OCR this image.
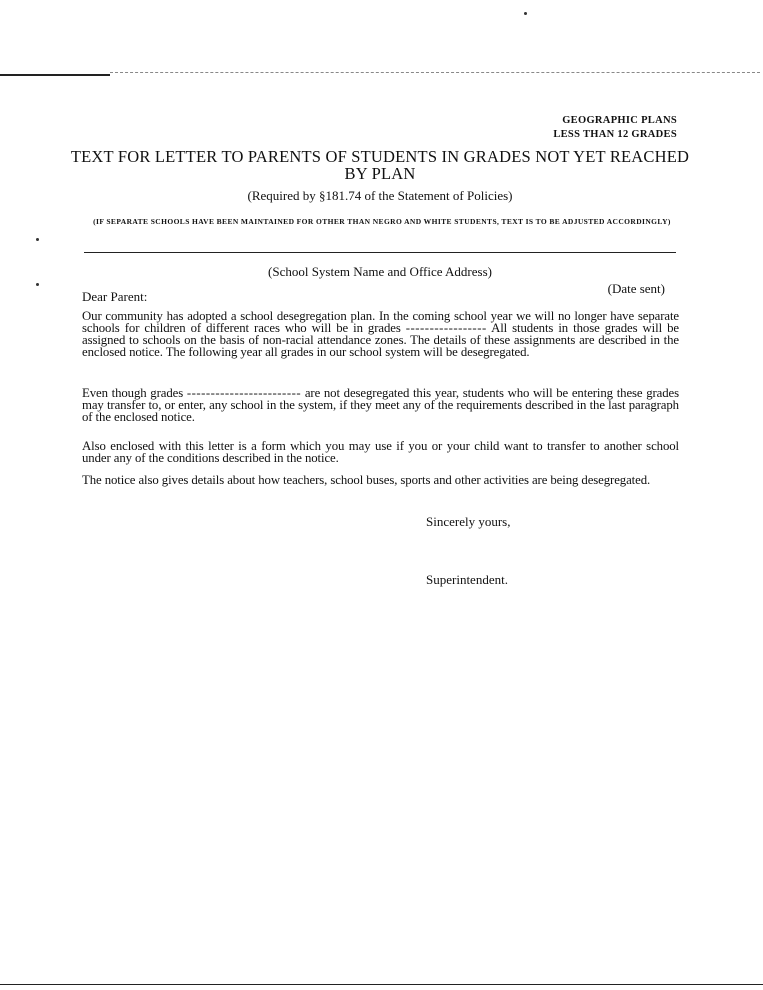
GEOGRAPHIC PLANS
LESS THAN 12 GRADES
TEXT FOR LETTER TO PARENTS OF STUDENTS IN GRADES NOT YET REACHED BY PLAN
(Required by §181.74 of the Statement of Policies)
(IF SEPARATE SCHOOLS HAVE BEEN MAINTAINED FOR OTHER THAN NEGRO AND WHITE STUDENTS, TEXT IS TO BE ADJUSTED ACCORDINGLY)
(School System Name and Office Address)
(Date sent)
Dear Parent:
Our community has adopted a school desegregation plan. In the coming school year we will no longer have separate schools for children of different races who will be in grades ----------------- All students in those grades will be assigned to schools on the basis of non-racial attendance zones. The details of these assignments are described in the enclosed notice. The following year all grades in our school system will be desegregated.
Even though grades ------------------------ are not desegregated this year, students who will be entering these grades may transfer to, or enter, any school in the system, if they meet any of the requirements described in the last paragraph of the enclosed notice.
Also enclosed with this letter is a form which you may use if you or your child want to transfer to another school under any of the conditions described in the notice.
The notice also gives details about how teachers, school buses, sports and other activities are being desegregated.
Sincerely yours,
Superintendent.
